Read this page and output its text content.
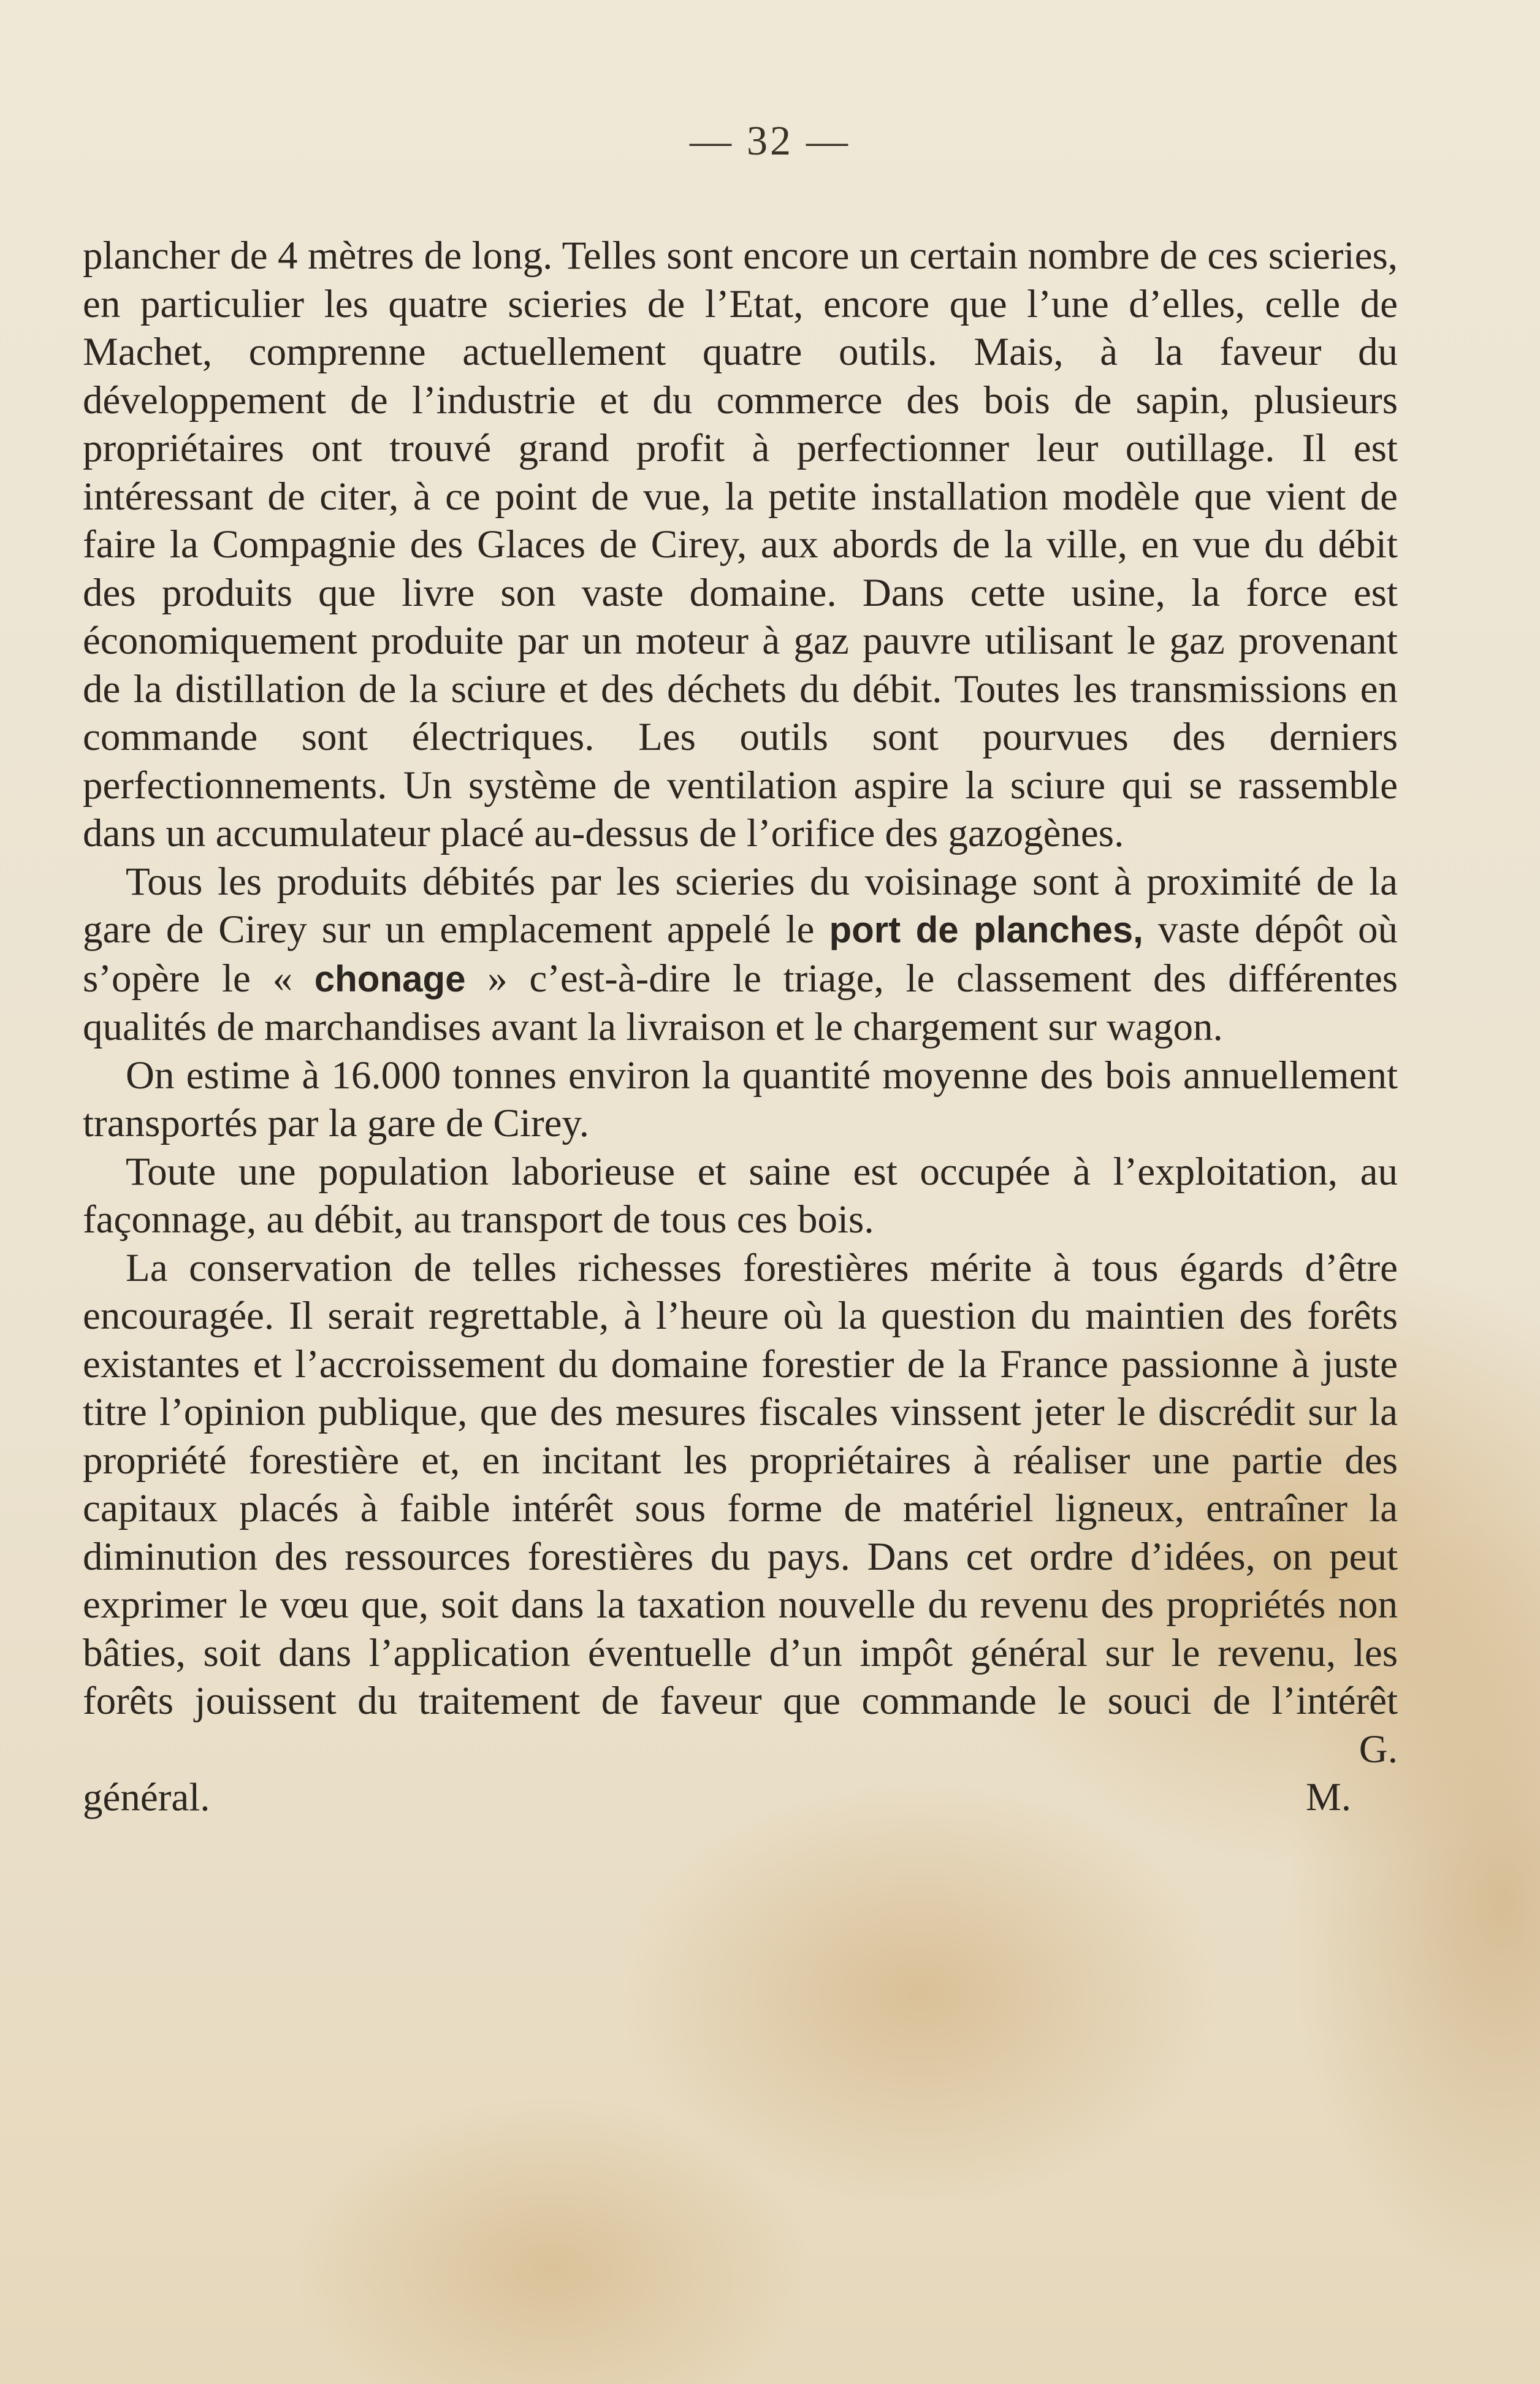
— 32 —

plancher de 4 mètres de long. Telles sont encore un certain nombre de ces scieries, en particulier les quatre scieries de l’Etat, encore que l’une d’elles, celle de Machet, comprenne actuellement quatre outils. Mais, à la faveur du développement de l’industrie et du commerce des bois de sapin, plusieurs propriétaires ont trouvé grand profit à perfectionner leur outillage. Il est intéressant de citer, à ce point de vue, la petite installation modèle que vient de faire la Compagnie des Glaces de Cirey, aux abords de la ville, en vue du débit des produits que livre son vaste domaine. Dans cette usine, la force est économiquement produite par un moteur à gaz pauvre utilisant le gaz provenant de la distillation de la sciure et des déchets du débit. Toutes les transmissions en commande sont électriques. Les outils sont pourvues des derniers perfectionnements. Un système de ventilation aspire la sciure qui se rassemble dans un accumulateur placé au-dessus de l’orifice des gazogènes.

Tous les produits débités par les scieries du voisinage sont à proximité de la gare de Cirey sur un emplacement appelé le port de planches, vaste dépôt où s’opère le « chonage » c’est-à-dire le triage, le classement des différentes qualités de marchandises avant la livraison et le chargement sur wagon.

On estime à 16.000 tonnes environ la quantité moyenne des bois annuellement transportés par la gare de Cirey.

Toute une population laborieuse et saine est occupée à l’exploitation, au façonnage, au débit, au transport de tous ces bois.

La conservation de telles richesses forestières mérite à tous égards d’être encouragée. Il serait regrettable, à l’heure où la question du maintien des forêts existantes et l’accroissement du domaine forestier de la France passionne à juste titre l’opinion publique, que des mesures fiscales vinssent jeter le discrédit sur la propriété forestière et, en incitant les propriétaires à réaliser une partie des capitaux placés à faible intérêt sous forme de matériel ligneux, entraîner la diminution des ressources forestières du pays. Dans cet ordre d’idées, on peut exprimer le vœu que, soit dans la taxation nouvelle du revenu des propriétés non bâties, soit dans l’application éventuelle d’un impôt général sur le revenu, les forêts jouissent du traitement de faveur que commande le souci de l’intérêt général. G. M.
